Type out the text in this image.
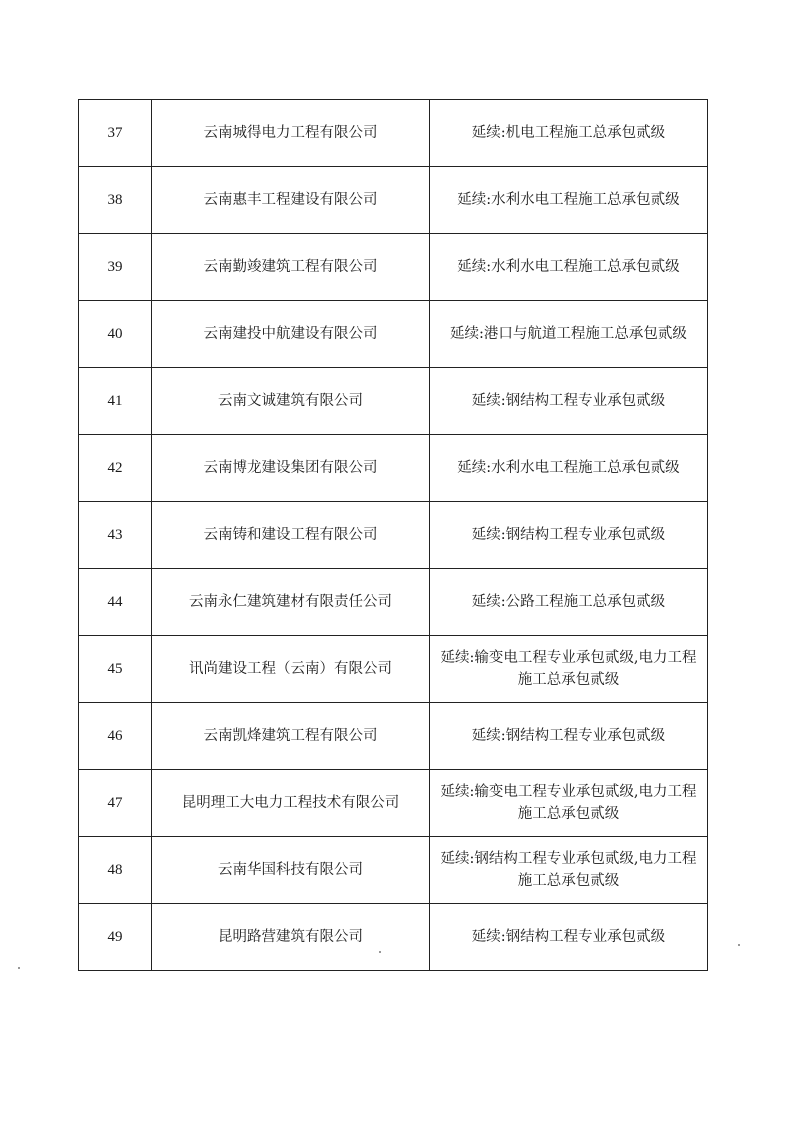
37	云南城得电力工程有限公司	延续:机电工程施工总承包贰级
38	云南惠丰工程建设有限公司	延续:水利水电工程施工总承包贰级
39	云南勤竣建筑工程有限公司	延续:水利水电工程施工总承包贰级
40	云南建投中航建设有限公司	延续:港口与航道工程施工总承包贰级
41	云南文诚建筑有限公司	延续:钢结构工程专业承包贰级
42	云南博龙建设集团有限公司	延续:水利水电工程施工总承包贰级
43	云南铸和建设工程有限公司	延续:钢结构工程专业承包贰级
44	云南永仁建筑建材有限责任公司	延续:公路工程施工总承包贰级
45	讯尚建设工程（云南）有限公司	延续:输变电工程专业承包贰级,电力工程施工总承包贰级
46	云南凯烽建筑工程有限公司	延续:钢结构工程专业承包贰级
47	昆明理工大电力工程技术有限公司	延续:输变电工程专业承包贰级,电力工程施工总承包贰级
48	云南华国科技有限公司	延续:钢结构工程专业承包贰级,电力工程施工总承包贰级
49	昆明路营建筑有限公司	延续:钢结构工程专业承包贰级
